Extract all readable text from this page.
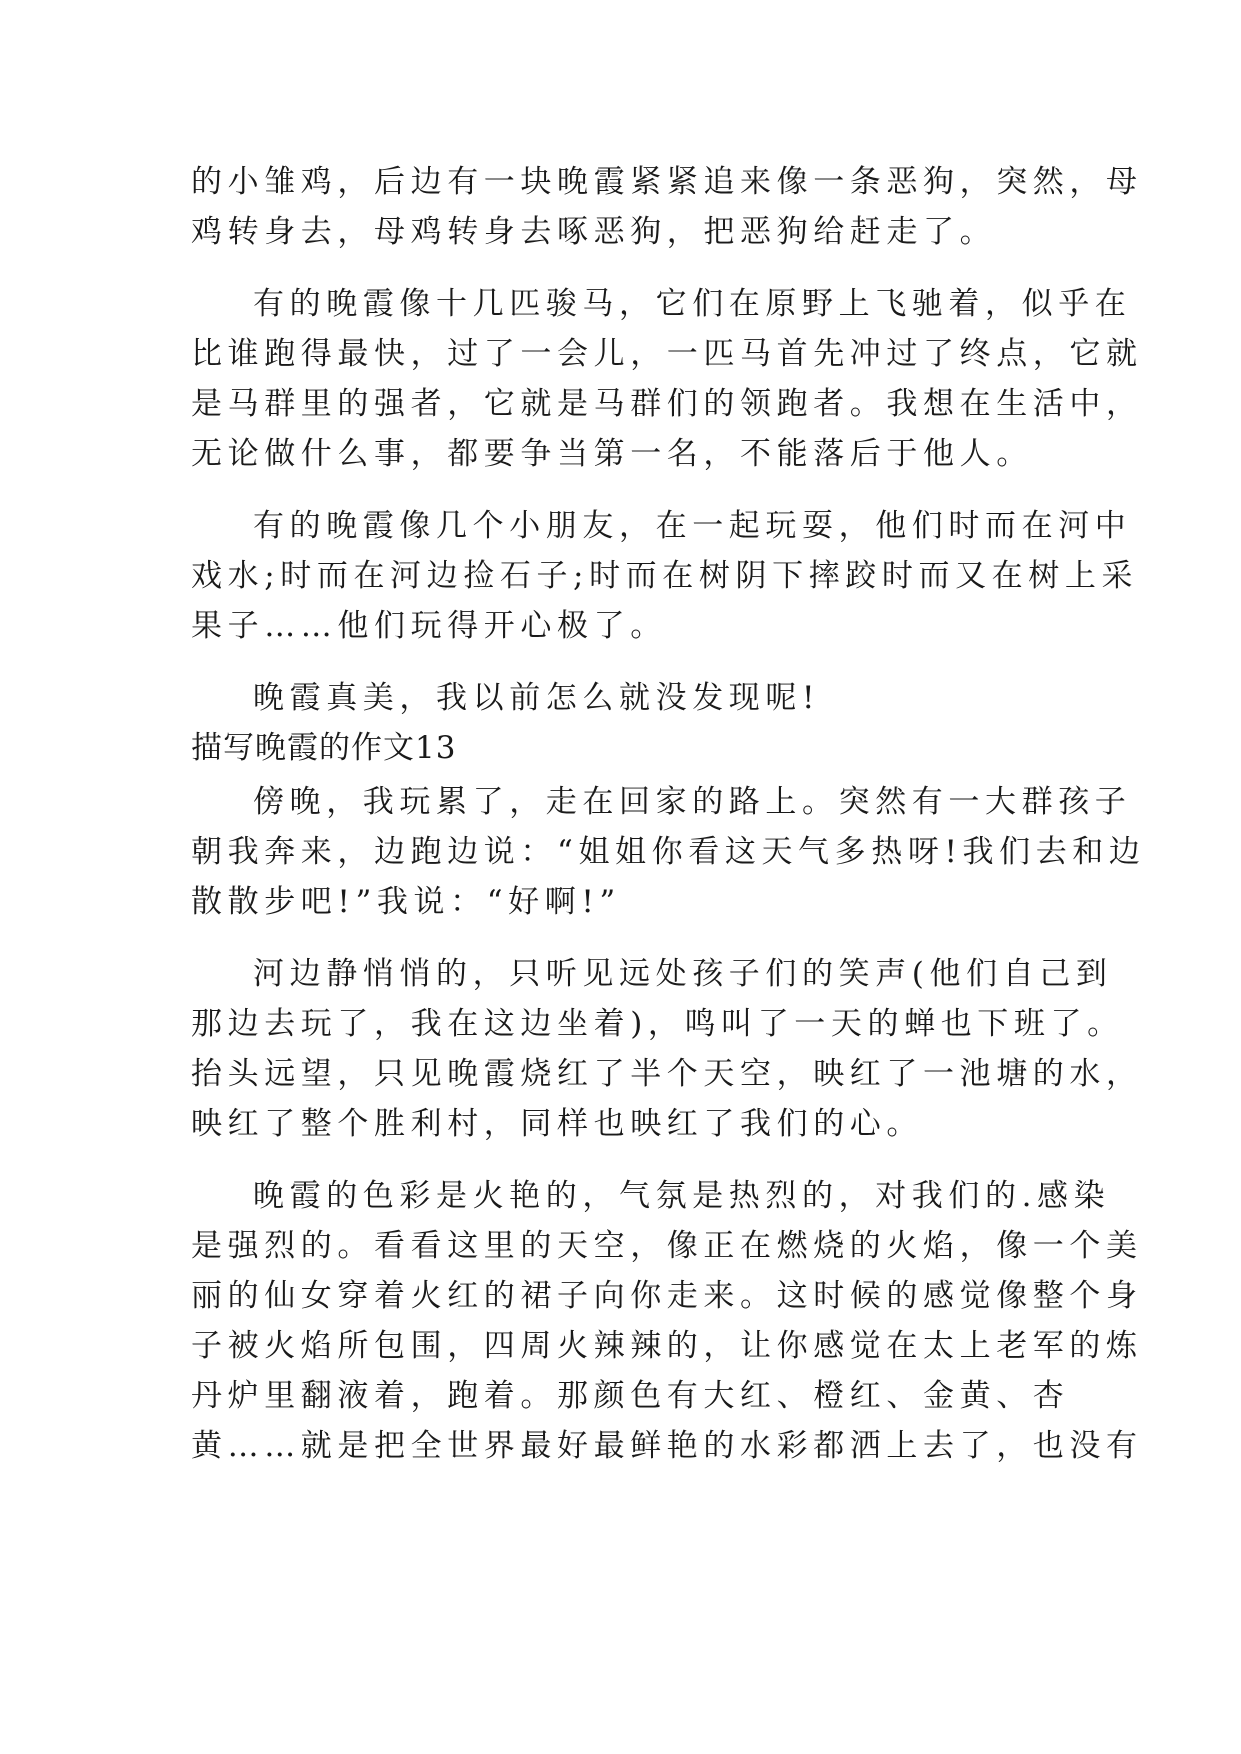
的小雏鸡，后边有一块晚霞紧紧追来像一条恶狗，突然，母
鸡转身去，母鸡转身去啄恶狗，把恶狗给赶走了。
有的晚霞像十几匹骏马，它们在原野上飞驰着，似乎在
比谁跑得最快，过了一会儿，一匹马首先冲过了终点，它就
是马群里的强者，它就是马群们的领跑者。我想在生活中，
无论做什么事，都要争当第一名，不能落后于他人。
有的晚霞像几个小朋友，在一起玩耍，他们时而在河中
戏水;时而在河边捡石子;时而在树阴下摔跤时而又在树上采
果子……他们玩得开心极了。
晚霞真美，我以前怎么就没发现呢!
描写晚霞的作文13
傍晚，我玩累了，走在回家的路上。突然有一大群孩子
朝我奔来，边跑边说：“姐姐你看这天气多热呀!我们去和边
散散步吧!”我说：“好啊!”
河边静悄悄的，只听见远处孩子们的笑声(他们自己到
那边去玩了，我在这边坐着)，鸣叫了一天的蝉也下班了。
抬头远望，只见晚霞烧红了半个天空，映红了一池塘的水，
映红了整个胜利村，同样也映红了我们的心。
晚霞的色彩是火艳的，气氛是热烈的，对我们的.感染
是强烈的。看看这里的天空，像正在燃烧的火焰，像一个美
丽的仙女穿着火红的裙子向你走来。这时候的感觉像整个身
子被火焰所包围，四周火辣辣的，让你感觉在太上老军的炼
丹炉里翻液着，跑着。那颜色有大红、橙红、金黄、杏
黄……就是把全世界最好最鲜艳的水彩都洒上去了，也没有
